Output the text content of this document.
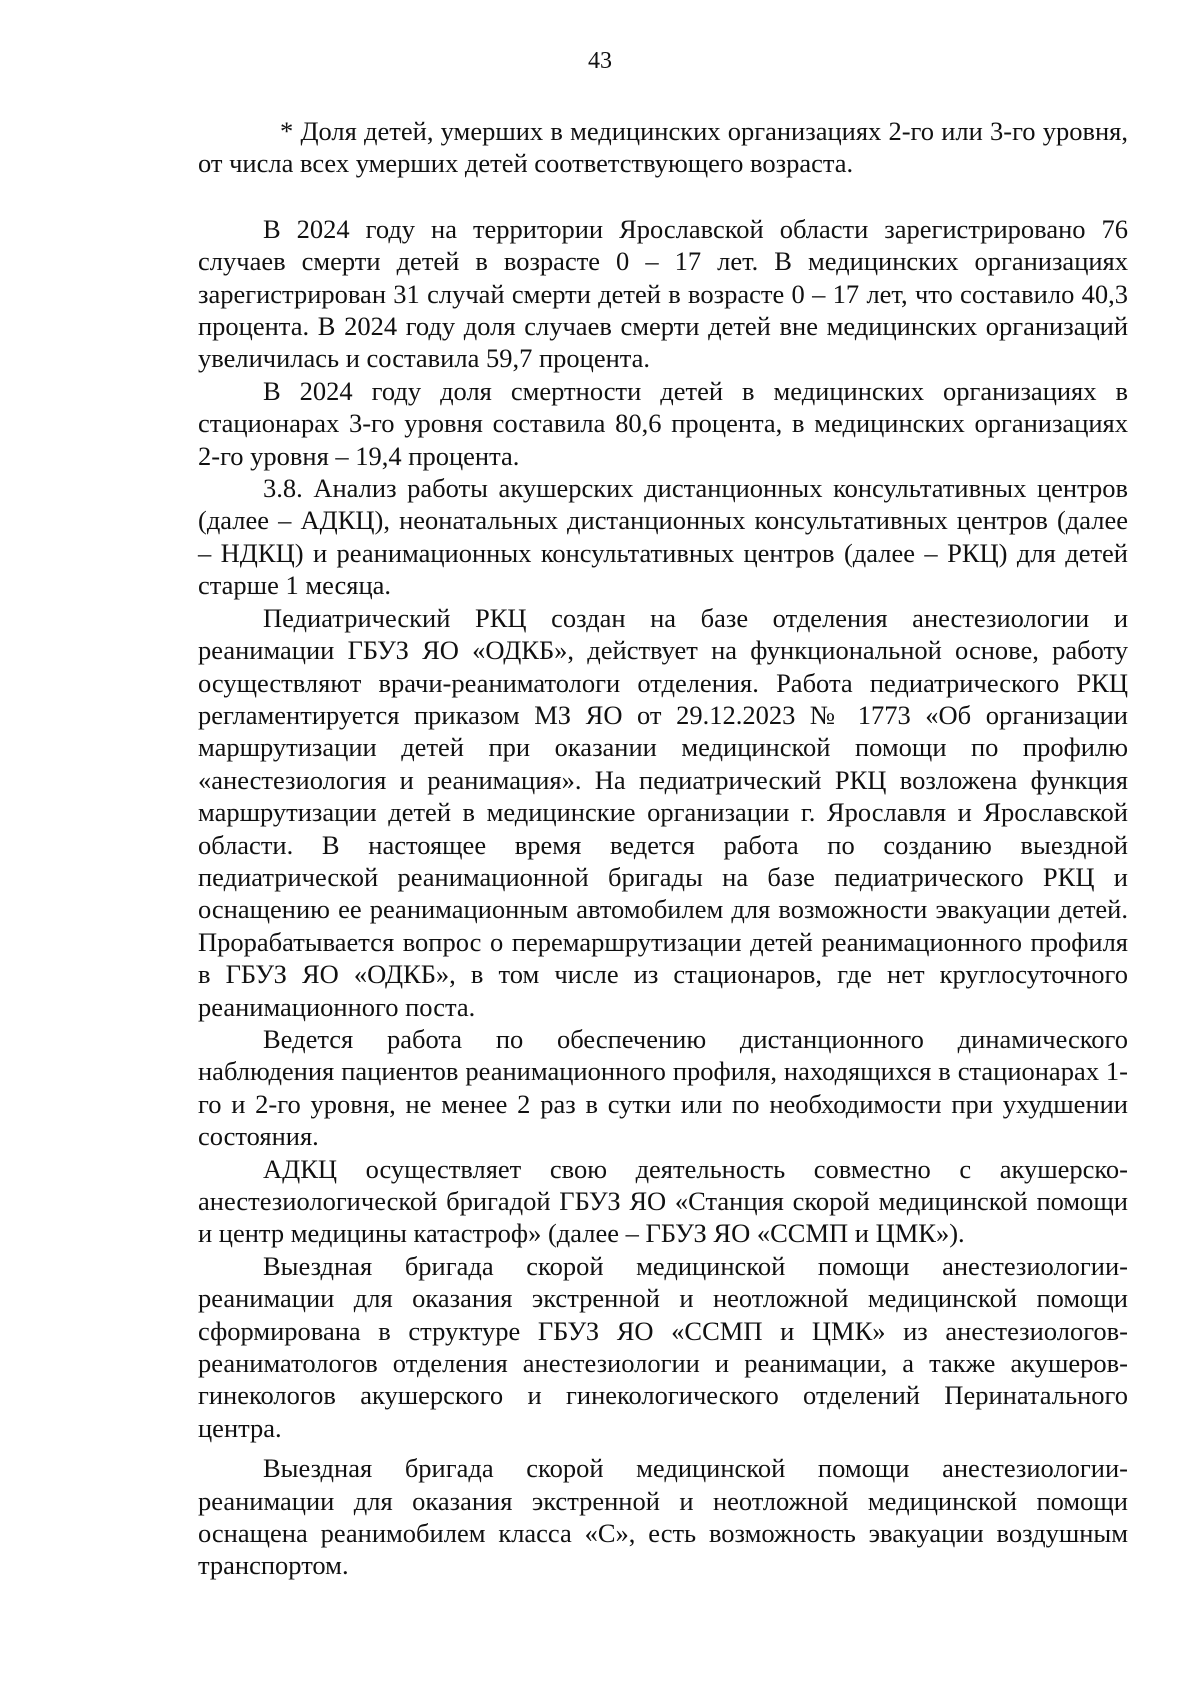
43

* Доля детей, умерших в медицинских организациях 2-го или 3-го уровня, от числа всех умерших детей соответствующего возраста.

В 2024 году на территории Ярославской области зарегистрировано 76 случаев смерти детей в возрасте 0 – 17 лет. В медицинских организациях зарегистрирован 31 случай смерти детей в возрасте 0 – 17 лет, что составило 40,3 процента. В 2024 году доля случаев смерти детей вне медицинских организаций увеличилась и составила 59,7 процента.

В 2024 году доля смертности детей в медицинских организациях в стационарах 3-го уровня составила 80,6 процента, в медицинских организациях 2-го уровня – 19,4 процента.

3.8. Анализ работы акушерских дистанционных консультативных центров (далее – АДКЦ), неонатальных дистанционных консультативных центров (далее – НДКЦ) и реанимационных консультативных центров (далее – РКЦ) для детей старше 1 месяца.

Педиатрический РКЦ создан на базе отделения анестезиологии и реанимации ГБУЗ ЯО «ОДКБ», действует на функциональной основе, работу осуществляют врачи-реаниматологи отделения. Работа педиатрического РКЦ регламентируется приказом МЗ ЯО от 29.12.2023 № 1773 «Об организации маршрутизации детей при оказании медицинской помощи по профилю «анестезиология и реанимация». На педиатрический РКЦ возложена функция маршрутизации детей в медицинские организации г. Ярославля и Ярославской области. В настоящее время ведется работа по созданию выездной педиатрической реанимационной бригады на базе педиатрического РКЦ и оснащению ее реанимационным автомобилем для возможности эвакуации детей. Прорабатывается вопрос о перемаршрутизации детей реанимационного профиля в ГБУЗ ЯО «ОДКБ», в том числе из стационаров, где нет круглосуточного реанимационного поста.

Ведется работа по обеспечению дистанционного динамического наблюдения пациентов реанимационного профиля, находящихся в стационарах 1-го и 2-го уровня, не менее 2 раз в сутки или по необходимости при ухудшении состояния.

АДКЦ осуществляет свою деятельность совместно с акушерско-анестезиологической бригадой ГБУЗ ЯО «Станция скорой медицинской помощи и центр медицины катастроф» (далее – ГБУЗ ЯО «ССМП и ЦМК»).

Выездная бригада скорой медицинской помощи анестезиологии-реанимации для оказания экстренной и неотложной медицинской помощи сформирована в структуре ГБУЗ ЯО «ССМП и ЦМК» из анестезиологов-реаниматологов отделения анестезиологии и реанимации, а также акушеров-гинекологов акушерского и гинекологического отделений Перинатального центра.

Выездная бригада скорой медицинской помощи анестезиологии-реанимации для оказания экстренной и неотложной медицинской помощи оснащена реанимобилем класса «С», есть возможность эвакуации воздушным транспортом.
